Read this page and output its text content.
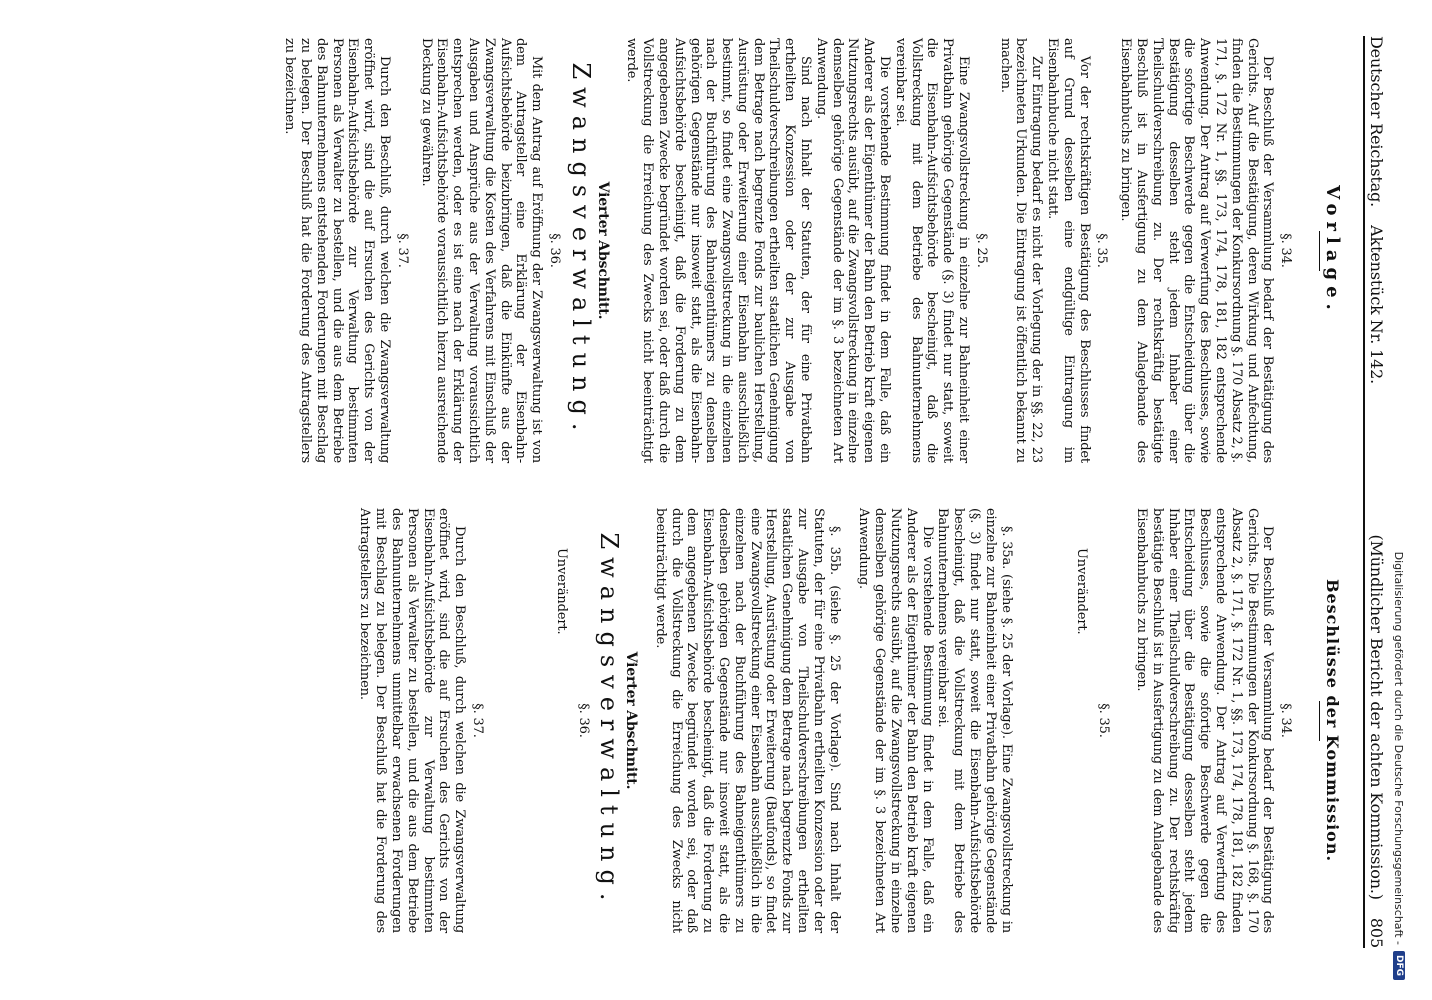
Deutscher Reichstag.
Aktenstück Nr. 142.
(Mündlicher Bericht der achten Kommission.)
805
Vorlage.
§. 34.

Der Beschluß der Versammlung bedarf der Bestätigung des Gerichts. Auf die Bestätigung, deren Wirkung und Anfechtung, finden die Bestimmungen der Konkursordnung §. 170 Absatz 2, §. 171, §. 172 Nr. 1, §§. 173, 174, 178, 181, 182 entsprechende Anwendung. Der Antrag auf Verwerfung des Beschlusses, sowie die sofortige Beschwerde gegen die Entscheidung über die Bestätigung desselben steht jedem Inhaber einer Theilschuldverschreibung zu. Der rechtskräftig bestätigte Beschluß ist in Ausfertigung zu dem Anlagebande des Eisenbahnbuchs zu bringen.

§. 35.

Vor der rechtskräftigen Bestätigung des Beschlusses findet auf Grund desselben eine endgültige Eintragung im Eisenbahnbuche nicht statt.

Zur Eintragung bedarf es nicht der Vorlegung der in §§. 22, 23 bezeichneten Urkunden. Die Eintragung ist öffentlich bekannt zu machen.

§. 25.

Eine Zwangsvollstreckung in einzelne zur Bahneinheit einer Privatbahn gehörige Gegenstände (§. 3) findet nur statt, soweit die Eisenbahn-Aufsichtsbehörde bescheinigt, daß die Vollstreckung mit dem Betriebe des Bahnunternehmens vereinbar sei.

Die vorstehende Bestimmung findet in dem Falle, daß ein Anderer als der Eigenthümer der Bahn den Betrieb kraft eigenen Nutzungsrechts ausübt, auf die Zwangsvollstreckung in einzelne demselben gehörige Gegenstände der im §. 3 bezeichneten Art Anwendung.

Sind nach Inhalt der Statuten, der für eine Privatbahn ertheilten Konzession oder der zur Ausgabe von Theilschuldverschreibungen ertheilten staatlichen Genehmigung dem Betrage nach begrenzte Fonds zur baulichen Herstellung, Ausrüstung oder Erweiterung einer Eisenbahn ausschließlich bestimmt, so findet eine Zwangsvollstreckung in die einzelnen nach der Buchführung des Bahneigenthümers zu denselben gehörigen Gegenstände nur insoweit statt, als die Eisenbahn-Aufsichtsbehörde bescheinigt, daß die Forderung zu dem angegebenen Zwecke begründet worden sei, oder daß durch die Vollstreckung die Erreichung des Zwecks nicht beeinträchtigt werde.

Vierter Abschnitt.
Zwangsverwaltung.
§. 36.

Mit dem Antrag auf Eröffnung der Zwangsverwaltung ist von dem Antragsteller eine Erklärung der Eisenbahn-Aufsichtsbehörde beizubringen, daß die Einkünfte aus der Zwangsverwaltung die Kosten des Verfahrens mit Einschluß der Ausgaben und Ansprüche aus der Verwaltung voraussichtlich entsprechen werden, oder es ist eine nach der Erklärung der Eisenbahn-Aufsichtsbehörde voraussichtlich hierzu ausreichende Deckung zu gewähren.

§. 37.

Durch den Beschluß, durch welchen die Zwangsverwaltung eröffnet wird, sind die auf Ersuchen des Gerichts von der Eisenbahn-Aufsichtsbehörde zur Verwaltung bestimmten Personen als Verwalter zu bestellen, und die aus dem Betriebe des Bahnunternehmens entstehenden Forderungen mit Beschlag zu belegen. Der Beschluß hat die Forderung des Antragstellers zu bezeichnen.

Beschlüsse der Kommission.
§. 34.

Der Beschluß der Versammlung bedarf der Bestätigung des Gerichts. Die Bestimmungen der Konkursordnung §. 168, §. 170 Absatz 2, §. 171, §. 172 Nr. 1, §§. 173, 174, 178, 181, 182 finden entsprechende Anwendung. Der Antrag auf Verwerfung des Beschlusses, sowie die sofortige Beschwerde gegen die Entscheidung über die Bestätigung desselben steht jedem Inhaber einer Theilschuldverschreibung zu. Der rechtskräftig bestätigte Beschluß ist in Ausfertigung zu dem Anlagebande des Eisenbahnbuchs zu bringen.

§. 35.
Unverändert.

§. 35a. (siehe §. 25 der Vorlage). Eine Zwangsvollstreckung in einzelne zur Bahneinheit einer Privatbahn gehörige Gegenstände (§. 3) findet nur statt, soweit die Eisenbahn-Aufsichtsbehörde bescheinigt, daß die Vollstreckung mit dem Betriebe des Bahnunternehmens vereinbar sei.

Die vorstehende Bestimmung findet in dem Falle, daß ein Anderer als der Eigenthümer der Bahn den Betrieb kraft eigenen Nutzungsrechts ausübt, auf die Zwangsvollstreckung in einzelne demselben gehörige Gegenstände der im §. 3 bezeichneten Art Anwendung.

§. 35b. (siehe §. 25 der Vorlage). Sind nach Inhalt der Statuten, der für eine Privatbahn ertheilten Konzession oder der zur Ausgabe von Theilschuldverschreibungen ertheilten staatlichen Genehmigung dem Betrage nach begrenzte Fonds zur Herstellung, Ausrüstung oder Erweiterung (Baufonds), so findet eine Zwangsvollstreckung einer Eisenbahn ausschließlich in die einzelnen nach der Buchführung des Bahneigenthümers zu denselben gehörigen Gegenstände nur insoweit statt, als die Eisenbahn-Aufsichtsbehörde bescheinigt, daß die Forderung zu dem angegebenen Zwecke begründet worden sei, oder daß durch die Vollstreckung die Erreichung des Zwecks nicht beeinträchtigt werde.

Vierter Abschnitt.
Zwangsverwaltung.
§. 36.
Unverändert.
§. 37.

Durch den Beschluß, durch welchen die Zwangsverwaltung eröffnet wird, sind die auf Ersuchen des Gerichts von der Eisenbahn-Aufsichtsbehörde zur Verwaltung bestimmten Personen als Verwalter zu bestellen, und die aus dem Betriebe des Bahnunternehmens unmittelbar erwachsenen Forderungen mit Beschlag zu belegen. Der Beschluß hat die Forderung des Antragstellers zu bezeichnen.	Digitalisierung gefördert durch die Deutsche Forschungsgemeinschaft -
DFG
